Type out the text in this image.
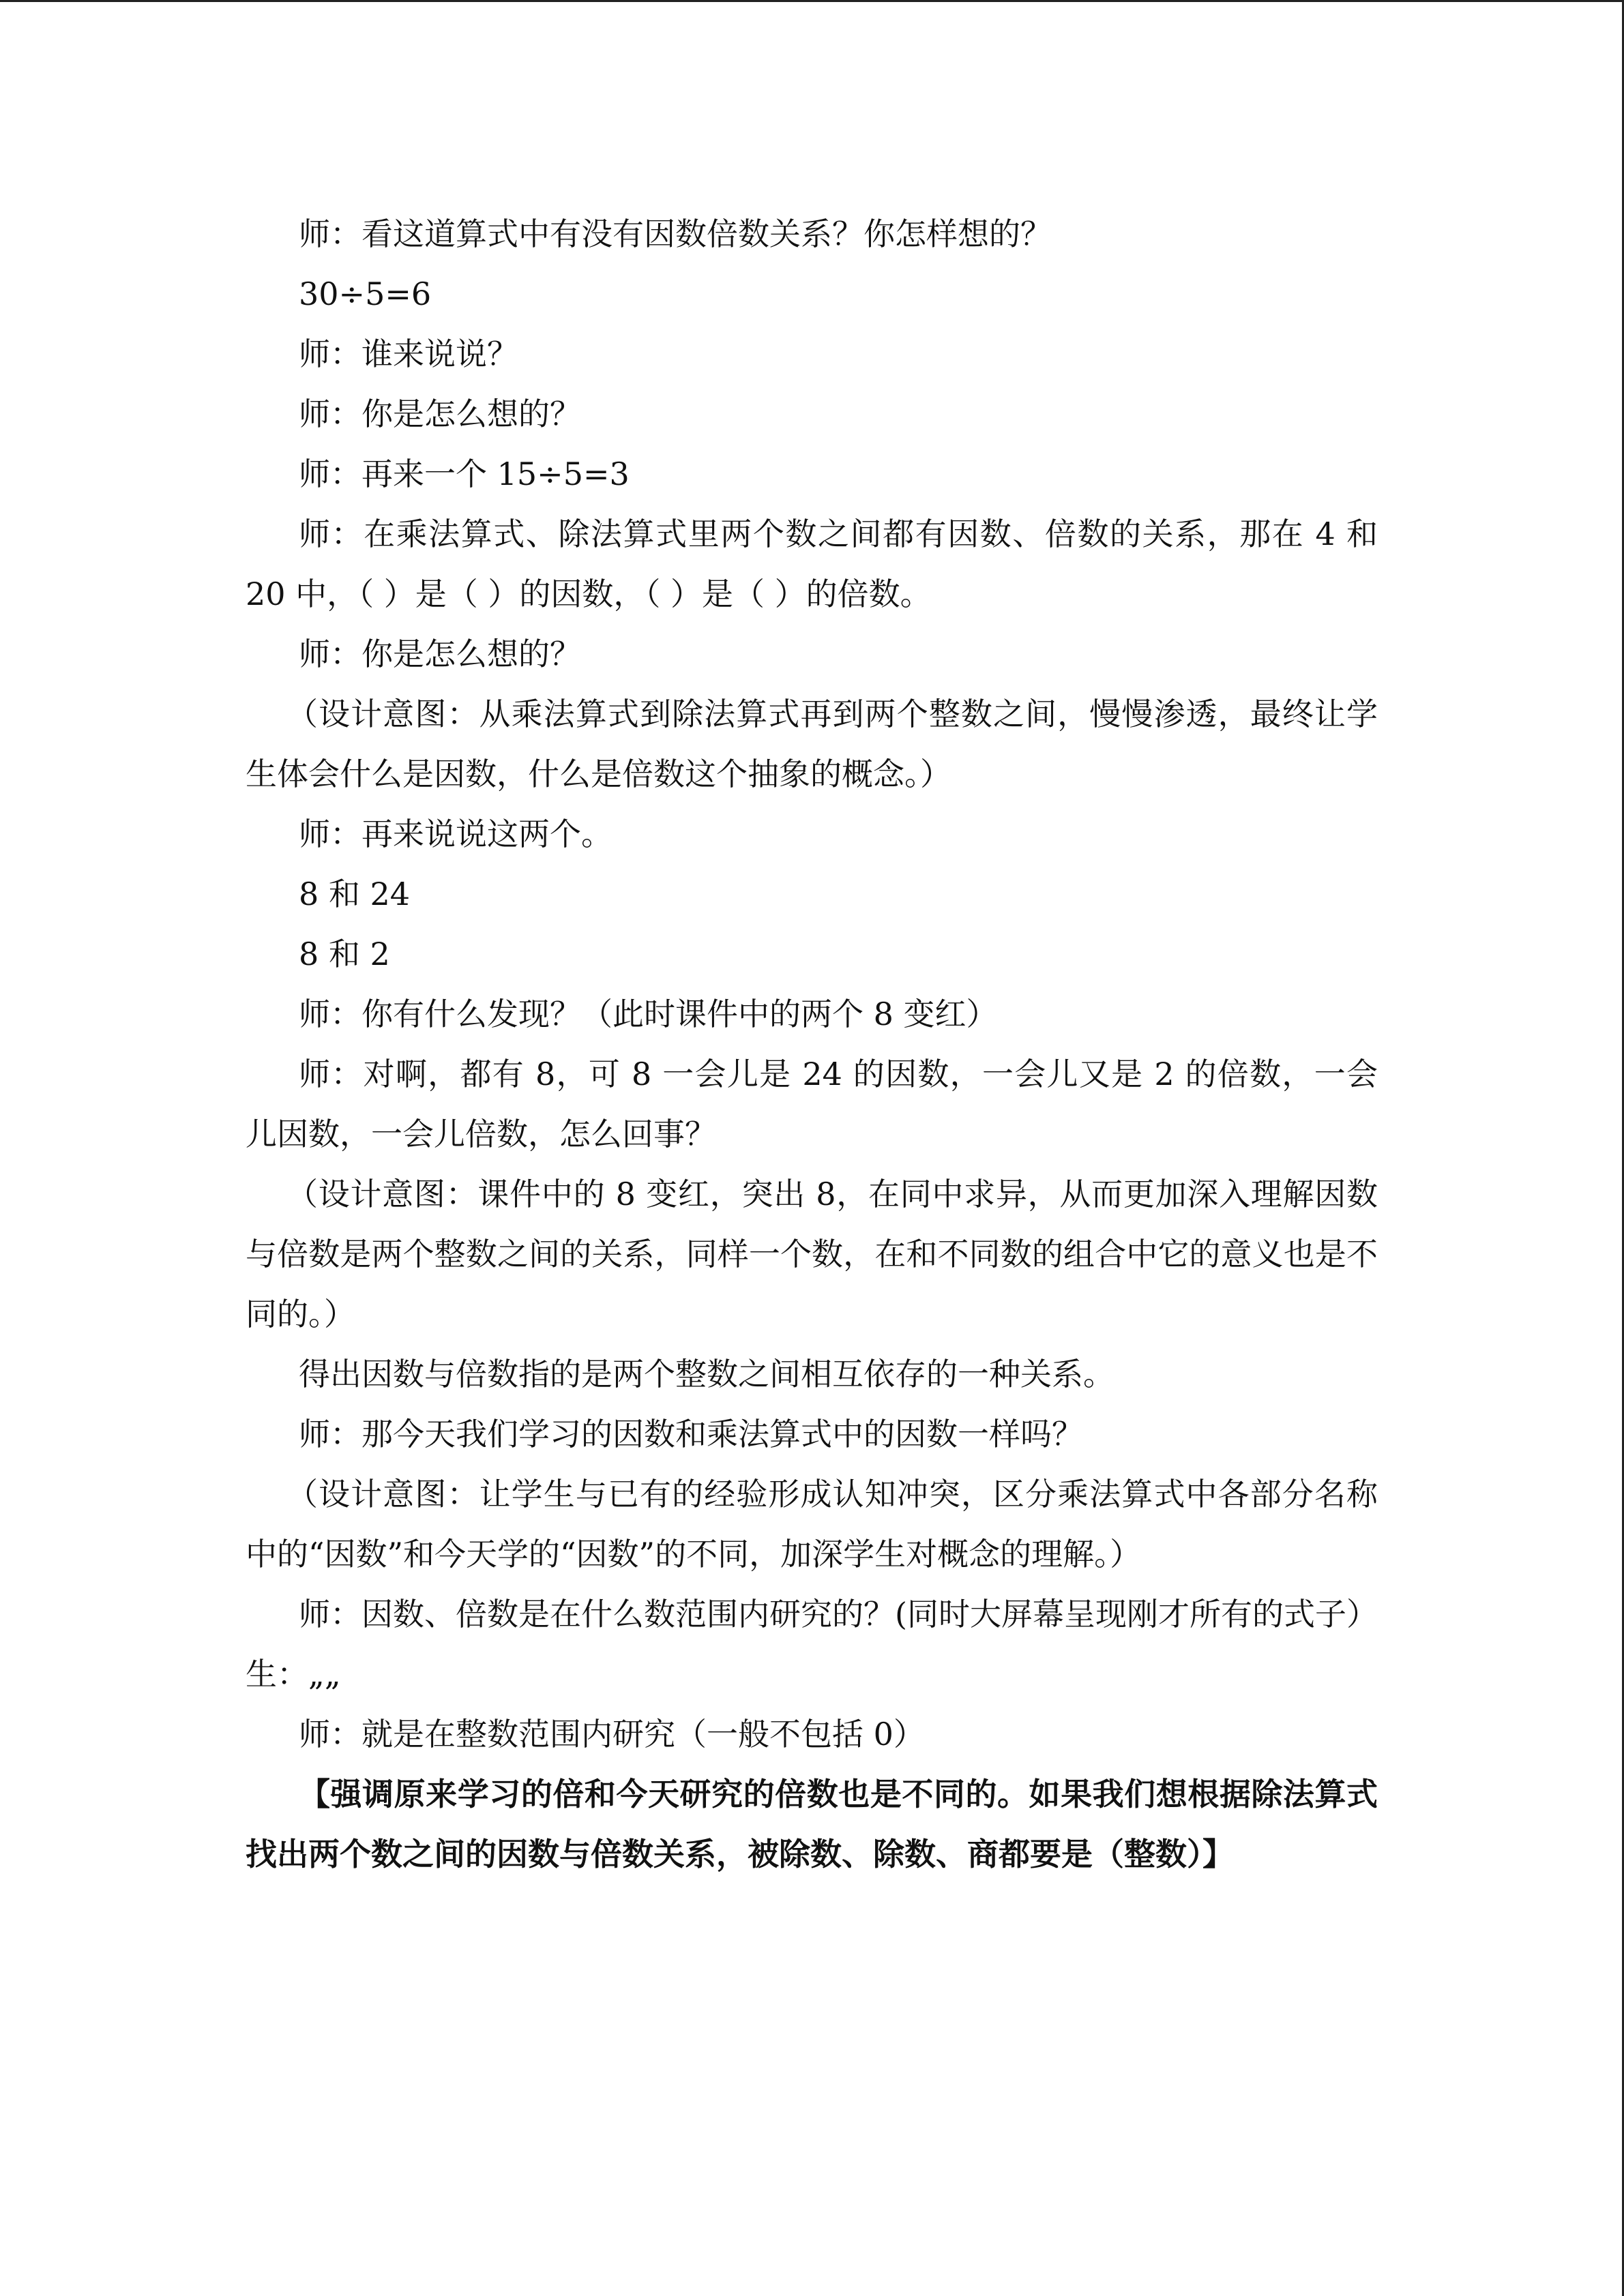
师：看这道算式中有没有因数倍数关系？你怎样想的？

30÷5=6

师：谁来说说？

师：你是怎么想的？

师：再来一个 15÷5=3

师：在乘法算式、除法算式里两个数之间都有因数、倍数的关系，那在 4 和 20 中，（ ）是（ ）的因数，（ ）是（ ）的倍数。

师：你是怎么想的？

（设计意图：从乘法算式到除法算式再到两个整数之间，慢慢渗透，最终让学生体会什么是因数，什么是倍数这个抽象的概念。）

师：再来说说这两个。

8 和 24

8 和 2

师：你有什么发现？（此时课件中的两个 8 变红）

师：对啊，都有 8，可 8 一会儿是 24 的因数，一会儿又是 2 的倍数，一会儿因数，一会儿倍数，怎么回事？

（设计意图：课件中的 8 变红，突出 8，在同中求异，从而更加深入理解因数与倍数是两个整数之间的关系，同样一个数，在和不同数的组合中它的意义也是不同的。）

得出因数与倍数指的是两个整数之间相互依存的一种关系。

师：那今天我们学习的因数和乘法算式中的因数一样吗？

（设计意图：让学生与已有的经验形成认知冲突，区分乘法算式中各部分名称中的“因数”和今天学的“因数”的不同，加深学生对概念的理解。）

师：因数、倍数是在什么数范围内研究的？(同时大屏幕呈现刚才所有的式子） 生：„„

师：就是在整数范围内研究（一般不包括 0）

【强调原来学习的倍和今天研究的倍数也是不同的。如果我们想根据除法算式找出两个数之间的因数与倍数关系，被除数、除数、商都要是（整数）】
